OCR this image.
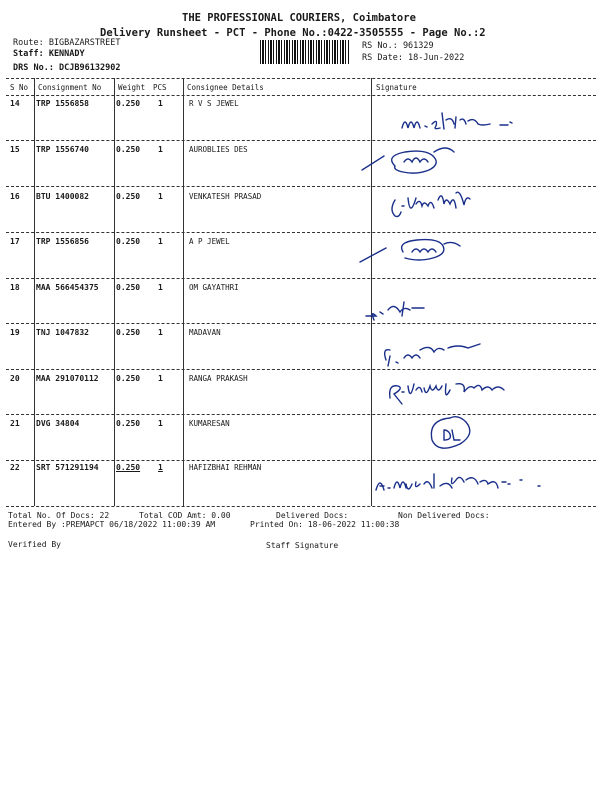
THE PROFESSIONAL COURIERS, Coimbatore
Delivery Runsheet - PCT - Phone No.:0422-3505555 - Page No.:2
Route: BIGBAZARSTREET
Staff: KENNADY
DRS No.: DCJB96132902
RS No.: 961329
RS Date: 18-Jun-2022
S No Consignment No Weight PCS	Consignee Details	Signature
14 TRP 1556858	0.250 1	R V S JEWEL
15 TRP 1556740	0.250 1	AUROBLIES DES
16 BTU 1400082	0.250 1	VENKATESH PRASAD
17 TRP 1556856	0.250 1	A P JEWEL
18 MAA 566454375 0.250 1	OM GAYATHRI
19 TNJ 1047832	0.250 1	MADAVAN
20 MAA 291070112 0.250 1	RANGA PRAKASH
21 DVG 34804	0.250 1	KUMARESAN
22 SRT 571291194 0.250 1	HAFIZBHAI REHMAN
Total No. Of Docs: 22	Total COD Amt: 0.00	Delivered Docs:	Non Delivered Docs:
Entered By :PREMAPCT 06/18/2022 11:00:39 AM	Printed On: 18-06-2022 11:00:38
Verified By	Staff Signature
